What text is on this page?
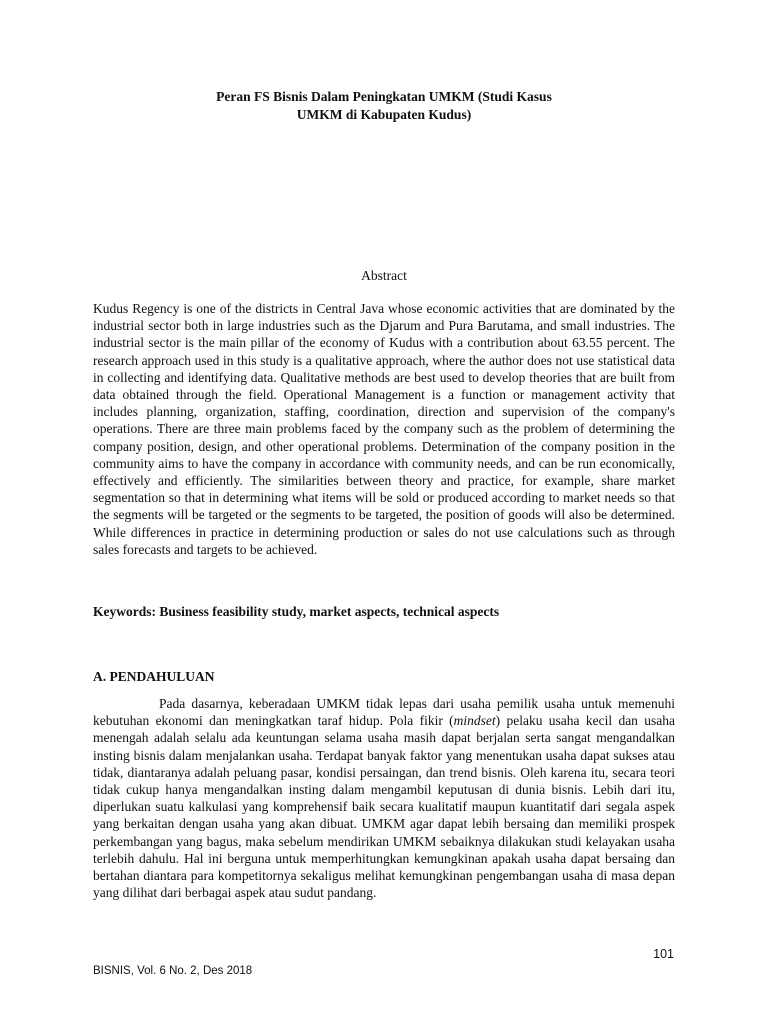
Peran FS Bisnis Dalam Peningkatan UMKM (Studi Kasus
UMKM di Kabupaten Kudus)
Abstract
Kudus Regency is one of the districts in Central Java whose economic activities that are dominated by the industrial sector both in large industries such as the Djarum and Pura Barutama, and small industries. The industrial sector is the main pillar of the economy of Kudus with a contribution about 63.55 percent. The research approach used in this study is a qualitative approach, where the author does not use statistical data in collecting and identifying data. Qualitative methods are best used to develop theories that are built from data obtained through the field. Operational Management is a function or management activity that includes planning, organization, staffing, coordination, direction and supervision of the company's operations. There are three main problems faced by the company such as the problem of determining the company position, design, and other operational problems. Determination of the company position in the community aims to have the company in accordance with community needs, and can be run economically, effectively and efficiently. The similarities between theory and practice, for example, share market segmentation so that in determining what items will be sold or produced according to market needs so that the segments will be targeted or the segments to be targeted, the position of goods will also be determined. While differences in practice in determining production or sales do not use calculations such as through sales forecasts and targets to be achieved.
Keywords: Business feasibility study, market aspects, technical aspects
A. PENDAHULUAN
Pada dasarnya, keberadaan UMKM tidak lepas dari usaha pemilik usaha untuk memenuhi kebutuhan ekonomi dan meningkatkan taraf hidup. Pola fikir (mindset) pelaku usaha kecil dan usaha menengah adalah selalu ada keuntungan selama usaha masih dapat berjalan serta sangat mengandalkan insting bisnis dalam menjalankan usaha. Terdapat banyak faktor yang menentukan usaha dapat sukses atau tidak, diantaranya adalah peluang pasar, kondisi persaingan, dan trend bisnis. Oleh karena itu, secara teori tidak cukup hanya mengandalkan insting dalam mengambil keputusan di dunia bisnis. Lebih dari itu, diperlukan suatu kalkulasi yang komprehensif baik secara kualitatif maupun kuantitatif dari segala aspek yang berkaitan dengan usaha yang akan dibuat. UMKM agar dapat lebih bersaing dan memiliki prospek perkembangan yang bagus, maka sebelum mendirikan UMKM sebaiknya dilakukan studi kelayakan usaha terlebih dahulu. Hal ini berguna untuk memperhitungkan kemungkinan apakah usaha dapat bersaing dan bertahan diantara para kompetitornya sekaligus melihat kemungkinan pengembangan usaha di masa depan yang dilihat dari berbagai aspek atau sudut pandang.
101
BISNIS, Vol. 6 No. 2, Des 2018
